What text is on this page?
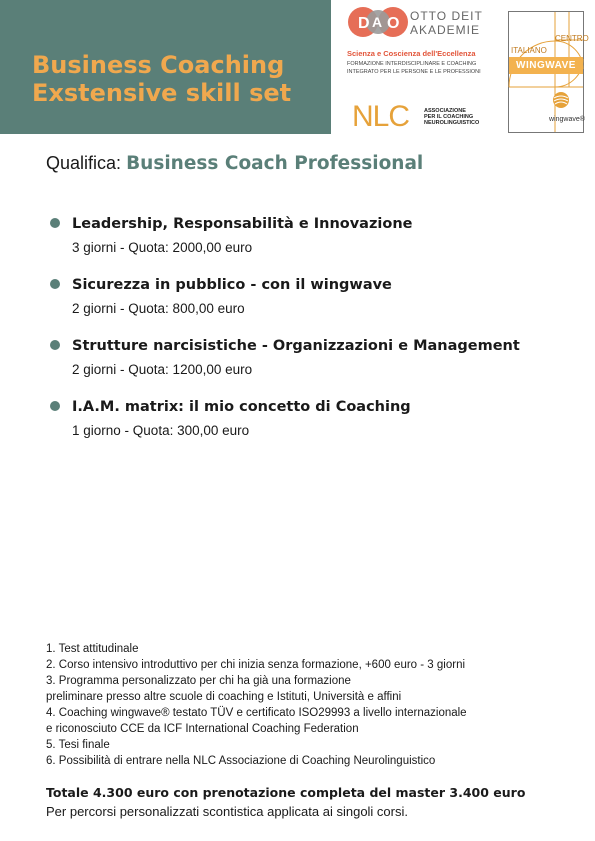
Business Coaching
Exstensive skill set
D A O OTTO DEIT
AKADEMIE
Scienza e Coscienza dell'Eccellenza
FORMAZIONE INTERDISCIPLINARE E COACHING
INTEGRATO PER LE PERSONE E LE PROFESSIONI
NLC	ASSOCIAZIONE
PER IL COACHING
NEUROLINGUISTICO
CENTRO
ITALIANO
WINGWAVE
wingwave®

Qualifica: Business Coach Professional

Leadership, Responsabilità e Innovazione
3 giorni - Quota: 2000,00 euro
Sicurezza in pubblico - con il wingwave
2 giorni - Quota: 800,00 euro
Strutture narcisistiche - Organizzazioni e Management
2 giorni - Quota: 1200,00 euro
I.A.M. matrix: il mio concetto di Coaching
1 giorno - Quota: 300,00 euro
1. Test attitudinale
2. Corso intensivo introduttivo per chi inizia senza formazione, +600 euro - 3 giorni
3. Programma personalizzato per chi ha già una formazione
preliminare presso altre scuole di coaching e Istituti, Università e affini
4. Coaching wingwave® testato TÜV e certificato ISO29993 a livello internazionale
e riconosciuto CCE da ICF International Coaching Federation
5. Tesi finale
6. Possibilità di entrare nella NLC Associazione di Coaching Neurolinguistico
Totale 4.300 euro con prenotazione completa del master 3.400 euro
Per percorsi personalizzati scontistica applicata ai singoli corsi.
